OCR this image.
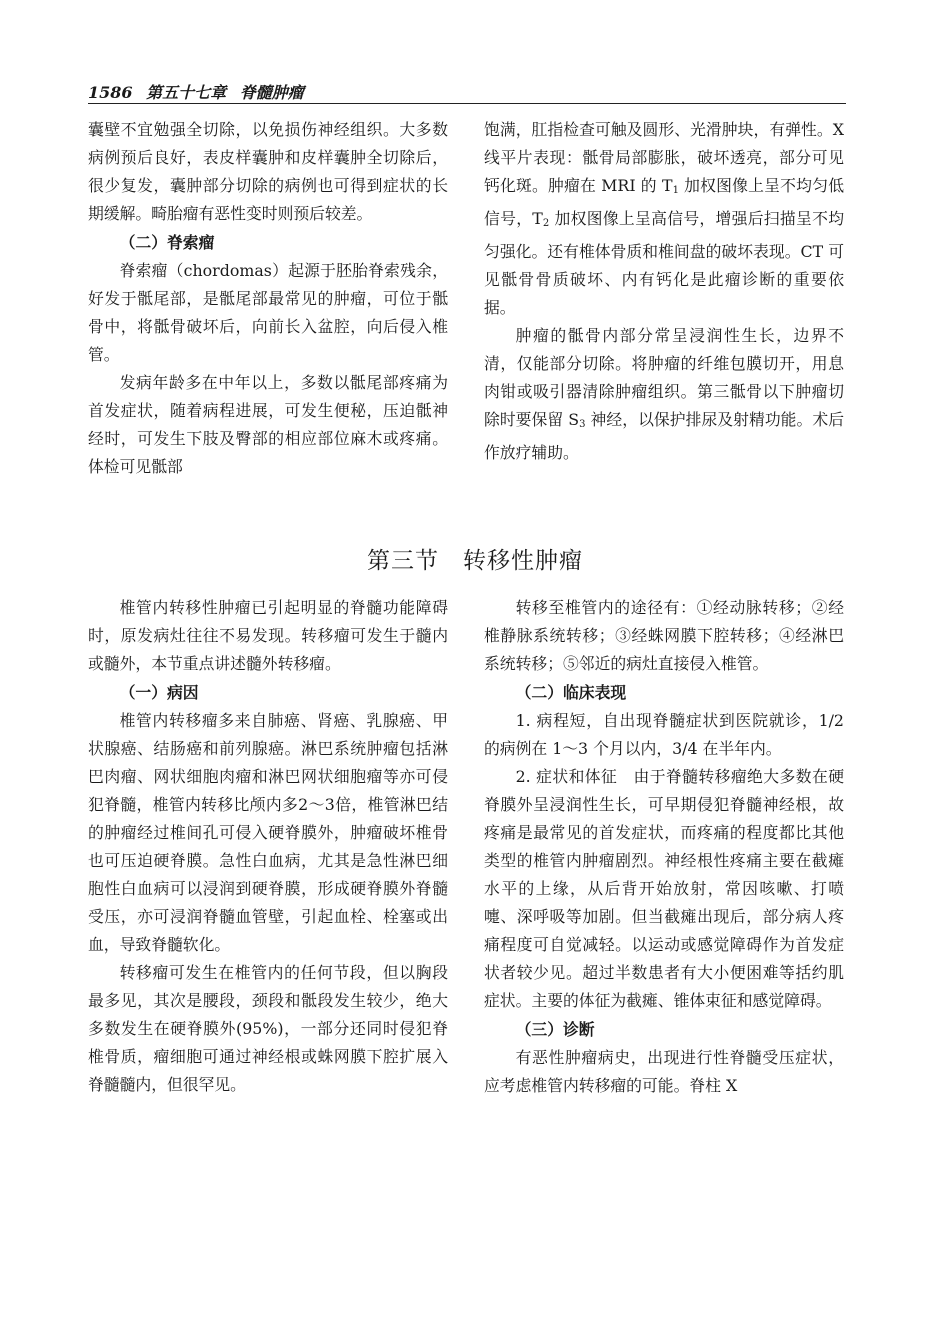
1586 第五十七章 脊髓肿瘤

囊壁不宜勉强全切除，以免损伤神经组织。大多数病例预后良好，表皮样囊肿和皮样囊肿全切除后，很少复发，囊肿部分切除的病例也可得到症状的长期缓解。畸胎瘤有恶性变时则预后较差。

（二）脊索瘤

脊索瘤（chordomas）起源于胚胎脊索残余，好发于骶尾部，是骶尾部最常见的肿瘤，可位于骶骨中，将骶骨破坏后，向前长入盆腔，向后侵入椎管。

发病年龄多在中年以上，多数以骶尾部疼痛为首发症状，随着病程进展，可发生便秘，压迫骶神经时，可发生下肢及臀部的相应部位麻木或疼痛。体检可见骶部

饱满，肛指检查可触及圆形、光滑肿块，有弹性。X 线平片表现：骶骨局部膨胀，破坏透亮，部分可见钙化斑。肿瘤在 MRI 的 $T_1$ 加权图像上呈不均匀低信号，$T_2$ 加权图像上呈高信号，增强后扫描呈不均匀强化。还有椎体骨质和椎间盘的破坏表现。CT 可见骶骨骨质破坏、内有钙化是此瘤诊断的重要依据。

肿瘤的骶骨内部分常呈浸润性生长，边界不清，仅能部分切除。将肿瘤的纤维包膜切开，用息肉钳或吸引器清除肿瘤组织。第三骶骨以下肿瘤切除时要保留 $S_3$ 神经，以保护排尿及射精功能。术后作放疗辅助。

第三节 转移性肿瘤

椎管内转移性肿瘤已引起明显的脊髓功能障碍时，原发病灶往往不易发现。转移瘤可发生于髓内或髓外，本节重点讲述髓外转移瘤。

（一）病因

椎管内转移瘤多来自肺癌、肾癌、乳腺癌、甲状腺癌、结肠癌和前列腺癌。淋巴系统肿瘤包括淋巴肉瘤、网状细胞肉瘤和淋巴网状细胞瘤等亦可侵犯脊髓，椎管内转移比颅内多2～3倍，椎管淋巴结的肿瘤经过椎间孔可侵入硬脊膜外，肿瘤破坏椎骨也可压迫硬脊膜。急性白血病，尤其是急性淋巴细胞性白血病可以浸润到硬脊膜，形成硬脊膜外脊髓受压，亦可浸润脊髓血管壁，引起血栓、栓塞或出血，导致脊髓软化。

转移瘤可发生在椎管内的任何节段，但以胸段最多见，其次是腰段，颈段和骶段发生较少，绝大多数发生在硬脊膜外(95%)，一部分还同时侵犯脊椎骨质，瘤细胞可通过神经根或蛛网膜下腔扩展入脊髓髓内，但很罕见。

转移至椎管内的途径有：①经动脉转移；②经椎静脉系统转移；③经蛛网膜下腔转移；④经淋巴系统转移；⑤邻近的病灶直接侵入椎管。

（二）临床表现

1. 病程短，自出现脊髓症状到医院就诊，1/2 的病例在 1～3 个月以内，3/4 在半年内。

2. 症状和体征　由于脊髓转移瘤绝大多数在硬脊膜外呈浸润性生长，可早期侵犯脊髓神经根，故疼痛是最常见的首发症状，而疼痛的程度都比其他类型的椎管内肿瘤剧烈。神经根性疼痛主要在截瘫水平的上缘，从后背开始放射，常因咳嗽、打喷嚏、深呼吸等加剧。但当截瘫出现后，部分病人疼痛程度可自觉减轻。以运动或感觉障碍作为首发症状者较少见。超过半数患者有大小便困难等括约肌症状。主要的体征为截瘫、锥体束征和感觉障碍。

（三）诊断

有恶性肿瘤病史，出现进行性脊髓受压症状，应考虑椎管内转移瘤的可能。脊柱 X
